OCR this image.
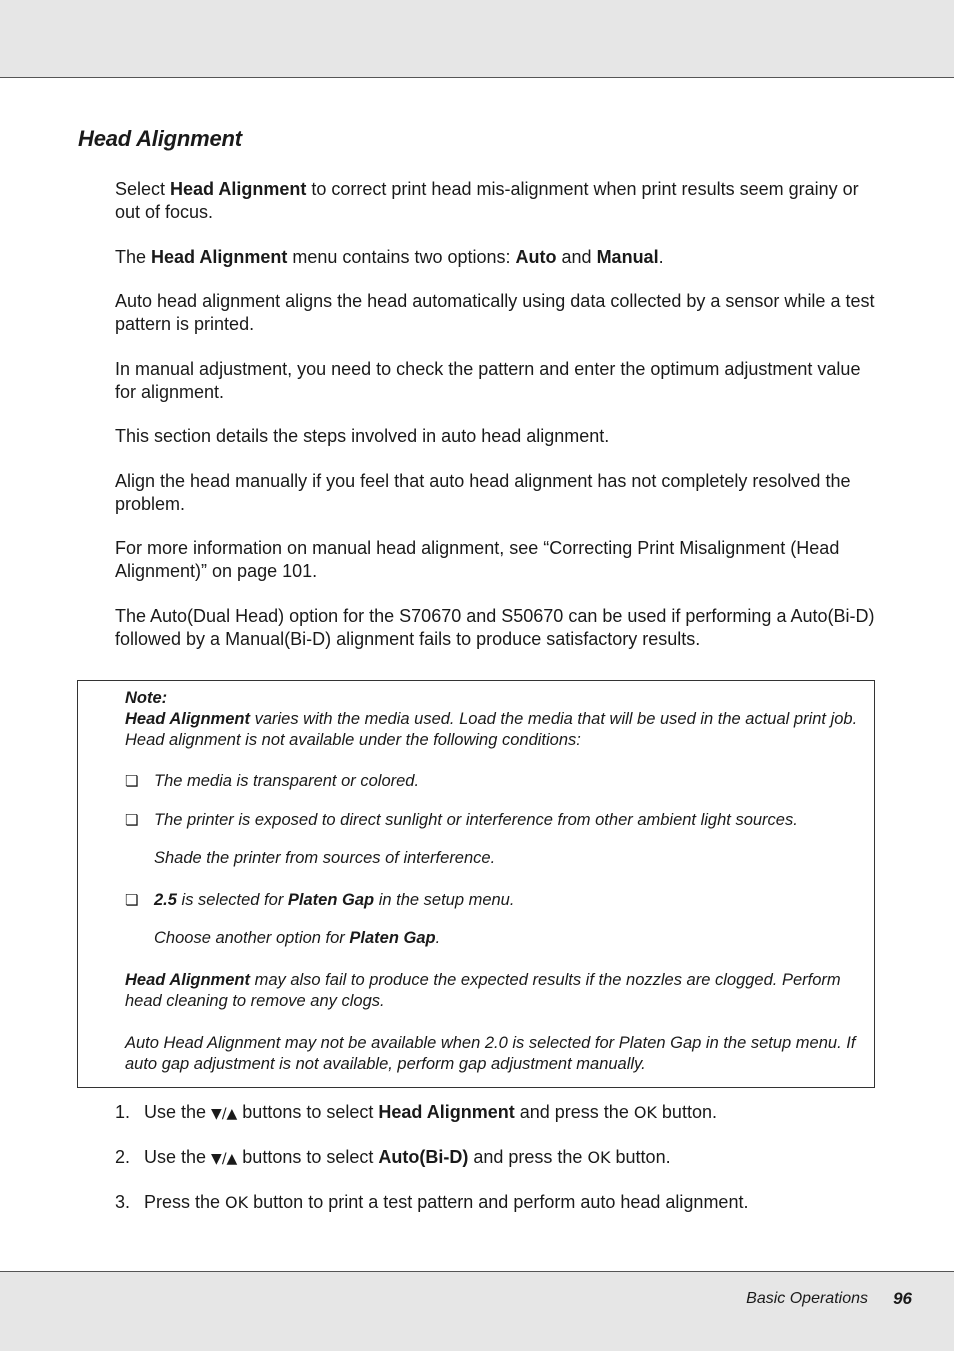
Head Alignment

Select Head Alignment to correct print head mis-alignment when print results seem grainy or out of focus.

The Head Alignment menu contains two options: Auto and Manual.

Auto head alignment aligns the head automatically using data collected by a sensor while a test pattern is printed.

In manual adjustment, you need to check the pattern and enter the optimum adjustment value for alignment.

This section details the steps involved in auto head alignment.

Align the head manually if you feel that auto head alignment has not completely resolved the problem.

For more information on manual head alignment, see “Correcting Print Misalignment (Head Alignment)” on page 101.

The Auto(Dual Head) option for the S70670 and S50670 can be used if performing a Auto(Bi-D) followed by a Manual(Bi-D) alignment fails to produce satisfactory results.

Note:

Head Alignment varies with the media used. Load the media that will be used in the actual print job. Head alignment is not available under the following conditions:

❏ The media is transparent or colored.

❏ The printer is exposed to direct sunlight or interference from other ambient light sources.

Shade the printer from sources of interference.

❏ 2.5 is selected for Platen Gap in the setup menu.

Choose another option for Platen Gap.

Head Alignment may also fail to produce the expected results if the nozzles are clogged. Perform head cleaning to remove any clogs.

Auto Head Alignment may not be available when 2.0 is selected for Platen Gap in the setup menu. If auto gap adjustment is not available, perform gap adjustment manually.

1. Use the ▼/▲ buttons to select Head Alignment and press the OK button.

2. Use the ▼/▲ buttons to select Auto(Bi-D) and press the OK button.

3. Press the OK button to print a test pattern and perform auto head alignment.

Basic Operations 96
